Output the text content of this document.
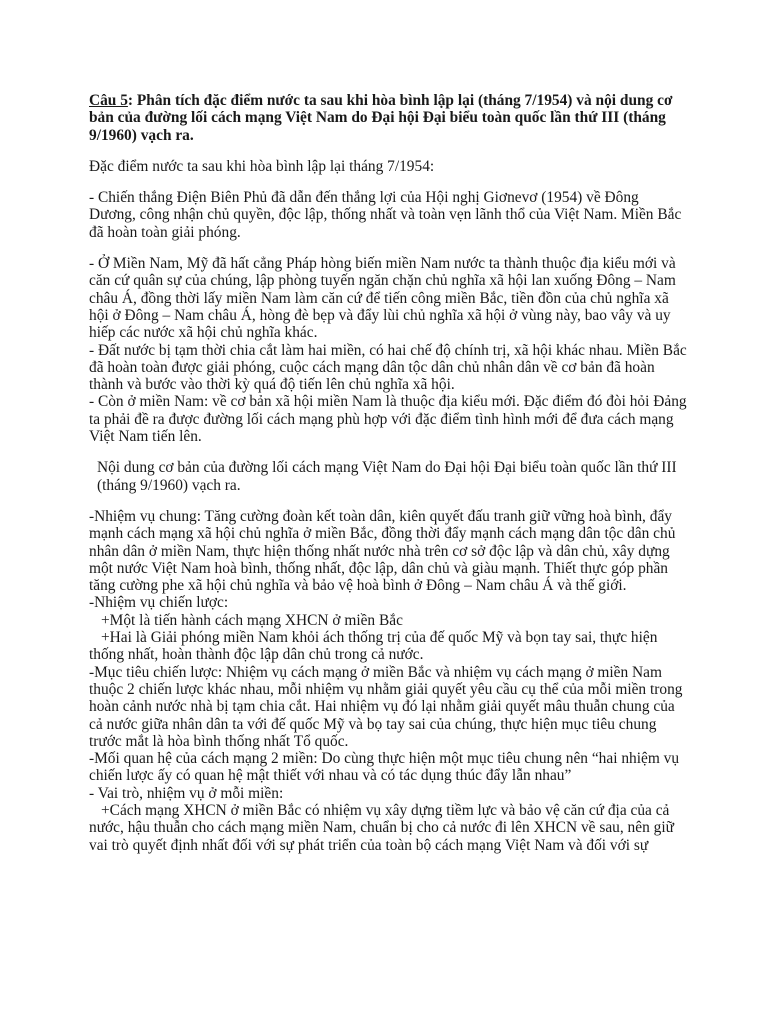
Câu 5: Phân tích đặc điểm nước ta sau khi hòa bình lập lại (tháng 7/1954) và nội dung cơ bản của đường lối cách mạng Việt Nam do Đại hội Đại biểu toàn quốc lần thứ III (tháng 9/1960) vạch ra.

Đặc điểm nước ta sau khi hòa bình lập lại tháng 7/1954:

- Chiến thắng Điện Biên Phủ đã dẫn đến thắng lợi của Hội nghị Giơnevơ (1954) về Đông Dương, công nhận chủ quyền, độc lập, thống nhất và toàn vẹn lãnh thổ của Việt Nam. Miền Bắc đã hoàn toàn giải phóng.

- Ở Miền Nam, Mỹ đã hất cẳng Pháp hòng biến miền Nam nước ta thành thuộc địa kiểu mới và căn cứ quân sự của chúng, lập phòng tuyến ngăn chặn chủ nghĩa xã hội lan xuống Đông – Nam châu Á, đồng thời lấy miền Nam làm căn cứ để tiến công miền Bắc, tiền đồn của chủ nghĩa xã hội ở Đông – Nam châu Á, hòng đè bẹp và đẩy lùi chủ nghĩa xã hội ở vùng này, bao vây và uy hiếp các nước xã hội chủ nghĩa khác.

- Đất nước bị tạm thời chia cắt làm hai miền, có hai chế độ chính trị, xã hội khác nhau. Miền Bắc đã hoàn toàn được giải phóng, cuộc cách mạng dân tộc dân chủ nhân dân về cơ bản đã hoàn thành và bước vào thời kỳ quá độ tiến lên chủ nghĩa xã hội.

- Còn ở miền Nam: về cơ bản xã hội miền Nam là thuộc địa kiểu mới. Đặc điểm đó đòi hỏi Đảng ta phải đề ra được đường lối cách mạng phù hợp với đặc điểm tình hình mới để đưa cách mạng Việt Nam tiến lên.

Nội dung cơ bản của đường lối cách mạng Việt Nam do Đại hội Đại biểu toàn quốc lần thứ III (tháng 9/1960) vạch ra.

-Nhiệm vụ chung: Tăng cường đoàn kết toàn dân, kiên quyết đấu tranh giữ vững hoà bình, đẩy mạnh cách mạng xã hội chủ nghĩa ở miền Bắc, đồng thời đẩy mạnh cách mạng dân tộc dân chủ nhân dân ở miền Nam, thực hiện thống nhất nước nhà trên cơ sở độc lập và dân chủ, xây dựng một nước Việt Nam hoà bình, thống nhất, độc lập, dân chủ và giàu mạnh. Thiết thực góp phần tăng cường phe xã hội chủ nghĩa và bảo vệ hoà bình ở Đông – Nam châu Á và thế giới.

-Nhiệm vụ chiến lược:

+Một là tiến hành cách mạng XHCN ở miền Bắc

+Hai là Giải phóng miền Nam khỏi ách thống trị của đế quốc Mỹ và bọn tay sai, thực hiện thống nhất, hoàn thành độc lập dân chủ trong cả nước.

-Mục tiêu chiến lược: Nhiệm vụ cách mạng ở miền Bắc và nhiệm vụ cách mạng ở miền Nam thuộc 2 chiến lược khác nhau, mỗi nhiệm vụ nhằm giải quyết yêu cầu cụ thể của mỗi miền trong hoàn cảnh nước nhà bị tạm chia cắt. Hai nhiệm vụ đó lại nhằm giải quyết mâu thuẫn chung của cả nước giữa nhân dân ta với đế quốc Mỹ và bọ tay sai của chúng, thực hiện mục tiêu chung trước mắt là hòa bình thống nhất Tổ quốc.

-Mối quan hệ của cách mạng 2 miền: Do cùng thực hiện một mục tiêu chung nên “hai nhiệm vụ chiến lược ấy có quan hệ mật thiết với nhau và có tác dụng thúc đẩy lẫn nhau”

- Vai trò, nhiệm vụ ở mỗi miền:

+Cách mạng XHCN ở miền Bắc có nhiệm vụ xây dựng tiềm lực và bảo vệ căn cứ địa của cả nước, hậu thuẫn cho cách mạng miền Nam, chuẩn bị cho cả nước đi lên XHCN về sau, nên giữ vai trò quyết định nhất đối với sự phát triển của toàn bộ cách mạng Việt Nam và đối với sự
